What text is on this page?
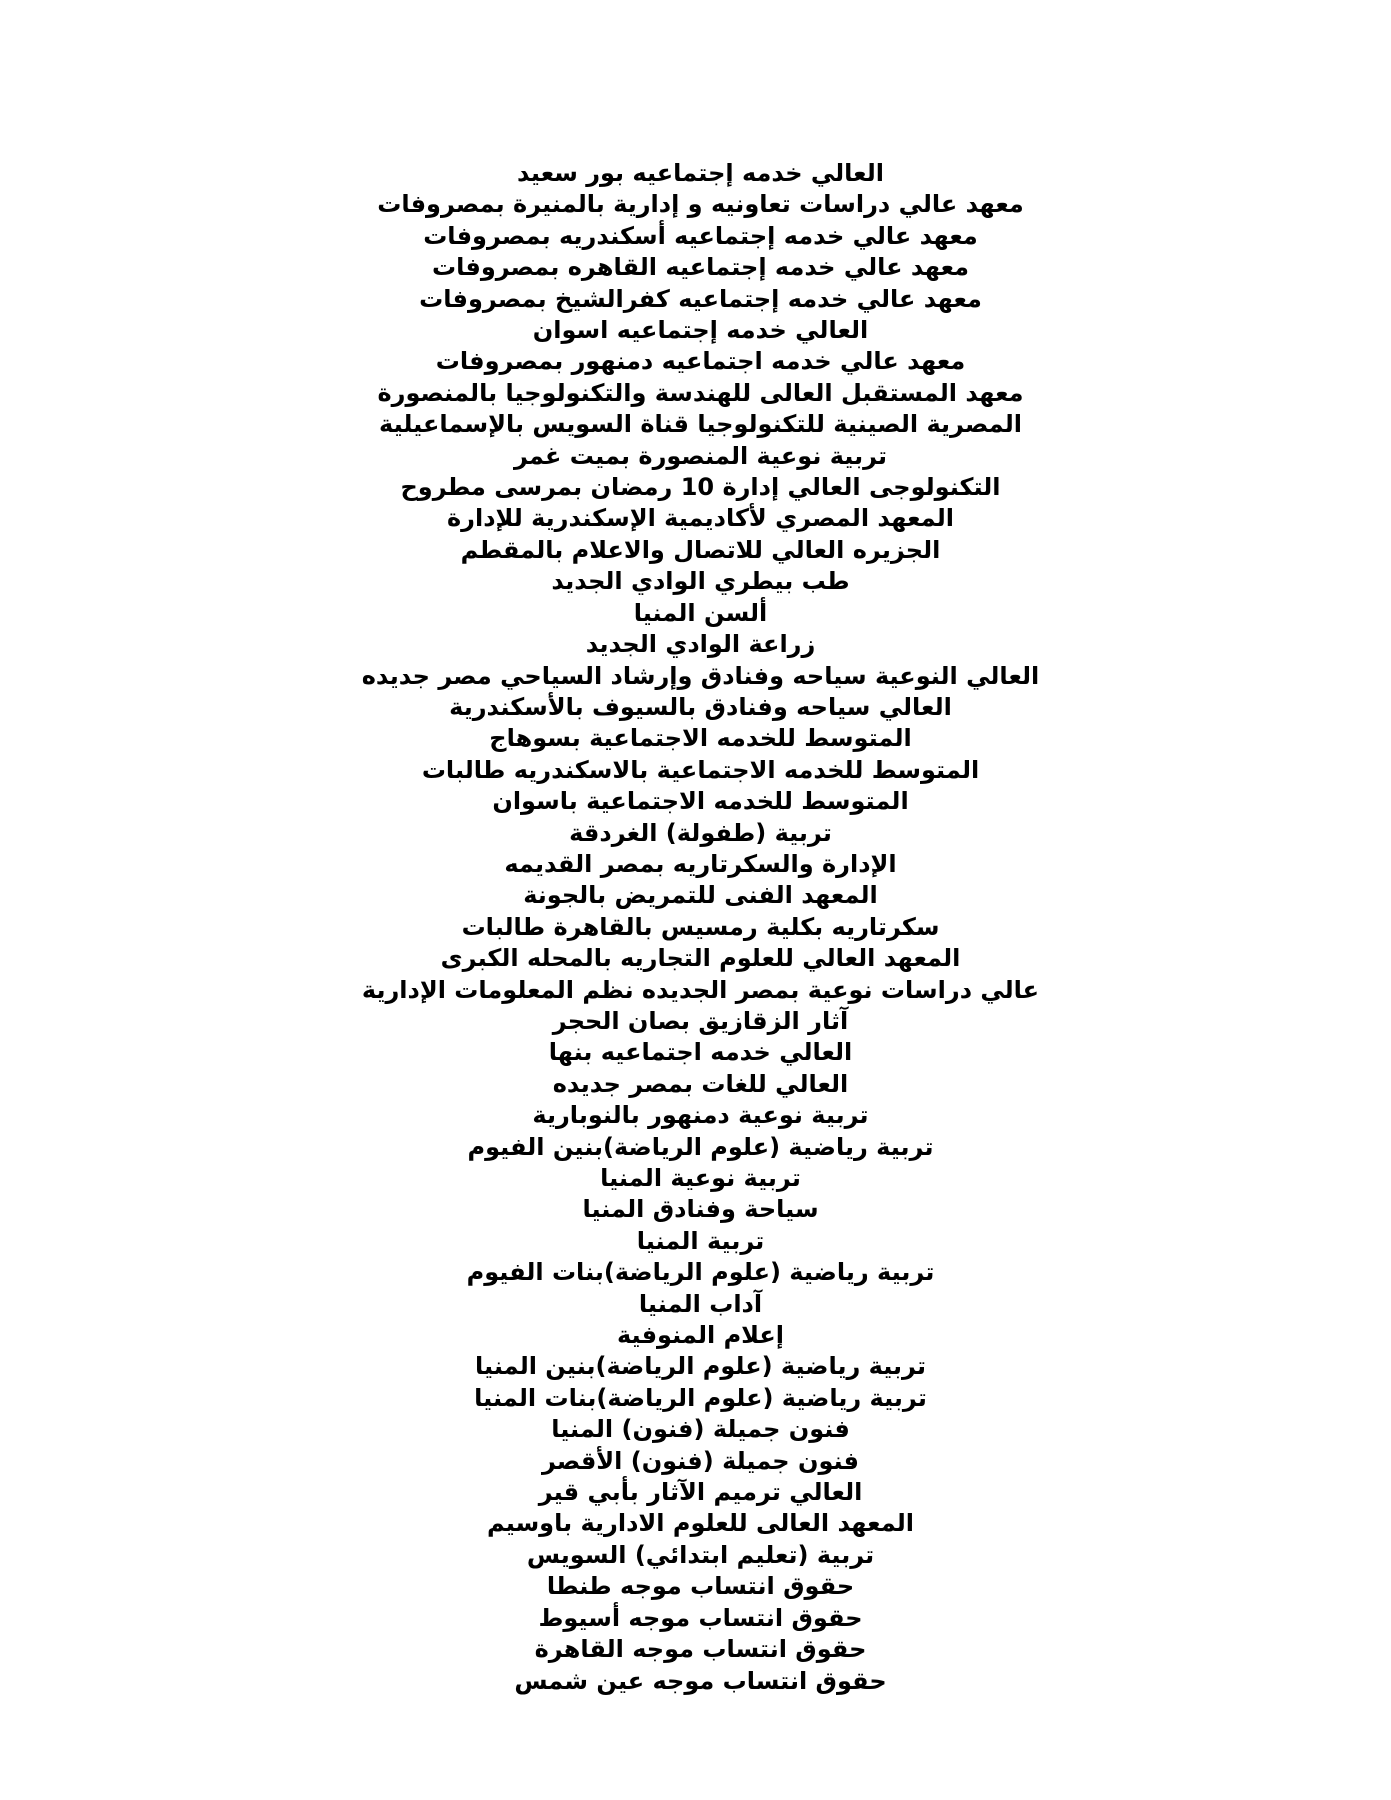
العالي خدمه إجتماعيه بور سعيد
معهد عالي دراسات تعاونيه و إدارية بالمنيرة بمصروفات
معهد عالي خدمه إجتماعيه أسكندريه بمصروفات
معهد عالي خدمه إجتماعيه القاهره بمصروفات
معهد عالي خدمه إجتماعيه كفرالشيخ بمصروفات
العالي خدمه إجتماعيه اسوان
معهد عالي خدمه اجتماعيه دمنهور بمصروفات
معهد المستقبل العالى للهندسة والتكنولوجيا بالمنصورة
المصرية الصينية للتكنولوجيا قناة السويس بالإسماعيلية
تربية نوعية المنصورة بميت غمر
التكنولوجى العالي إدارة 10 رمضان بمرسى مطروح
المعهد المصري لأكاديمية الإسكندرية للإدارة
الجزيره العالي للاتصال والاعلام بالمقطم
طب بيطري الوادي الجديد
ألسن المنيا
زراعة الوادي الجديد
العالي النوعية سياحه وفنادق وإرشاد السياحي مصر جديده
العالي سياحه وفنادق بالسيوف بالأسكندرية
المتوسط للخدمه الاجتماعية بسوهاج
المتوسط للخدمه الاجتماعية بالاسكندريه طالبات
المتوسط للخدمه الاجتماعية باسوان
تربية (طفولة) الغردقة
الإدارة والسكرتاريه بمصر القديمه
المعهد الفنى للتمريض بالجونة
سكرتاريه بكلية رمسيس بالقاهرة طالبات
المعهد العالي للعلوم التجاريه بالمحله الكبرى
عالي دراسات نوعية بمصر الجديده نظم المعلومات الإدارية
آثار الزقازيق بصان الحجر
العالي خدمه اجتماعيه بنها
العالي للغات بمصر جديده
تربية نوعية دمنهور بالنوبارية
تربية رياضية (علوم الرياضة)بنين الفيوم
تربية نوعية المنيا
سياحة وفنادق المنيا
تربية المنيا
تربية رياضية (علوم الرياضة)بنات الفيوم
آداب المنيا
إعلام المنوفية
تربية رياضية (علوم الرياضة)بنين المنيا
تربية رياضية (علوم الرياضة)بنات المنيا
فنون جميلة (فنون) المنيا
فنون جميلة (فنون) الأقصر
العالي ترميم الآثار بأبي قير
المعهد العالى للعلوم الادارية باوسيم
تربية (تعليم ابتدائي) السويس
حقوق انتساب موجه طنطا
حقوق انتساب موجه أسيوط
حقوق انتساب موجه القاهرة
حقوق انتساب موجه عين شمس
